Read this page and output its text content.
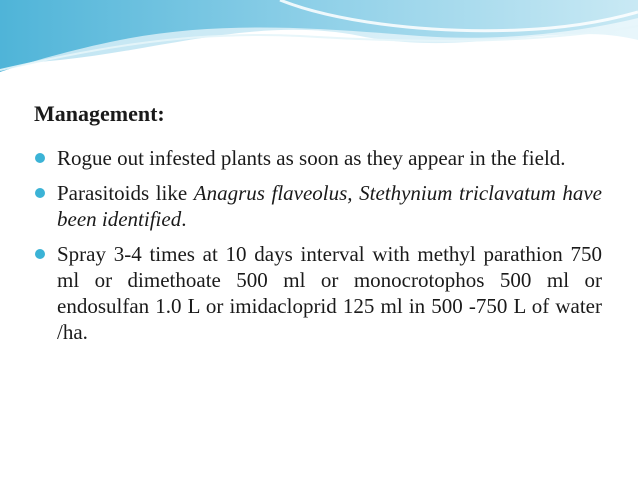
Management:
Rogue out infested plants as soon as they appear in the field.
Parasitoids like Anagrus flaveolus, Stethynium triclavatum have been identified.
Spray 3-4 times at 10 days interval with methyl parathion 750 ml or dimethoate 500 ml or monocrotophos 500 ml or endosulfan 1.0 L or imidacloprid 125 ml in 500 -750 L of water /ha.
